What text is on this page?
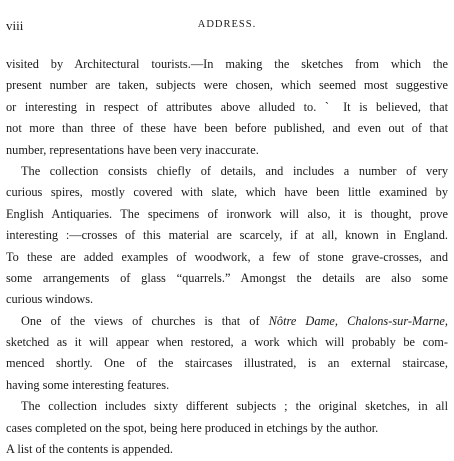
viii	ADDRESS.
visited by Architectural tourists.—In making the sketches from which the
present number are taken, subjects were chosen, which seemed most suggestive
or interesting in respect of attributes above alluded to. ˋ It is believed, that
not more than three of these have been before published, and even out of that
number, representations have been very inaccurate.
The collection consists chiefly of details, and includes a number of very
curious spires, mostly covered with slate, which have been little examined by
English Antiquaries. The specimens of ironwork will also, it is thought, prove
interesting :—crosses of this material are scarcely, if at all, known in England.
To these are added examples of woodwork, a few of stone grave-crosses, and
some arrangements of glass “quarrels.” Amongst the details are also some
curious windows.
One of the views of churches is that of Nôtre Dame, Chalons-sur-Marne,
sketched as it will appear when restored, a work which will probably be com-
menced shortly. One of the staircases illustrated, is an external staircase,
having some interesting features.
The collection includes sixty different subjects ; the original sketches, in all
cases completed on the spot, being here produced in etchings by the author.
A list of the contents is appended.
